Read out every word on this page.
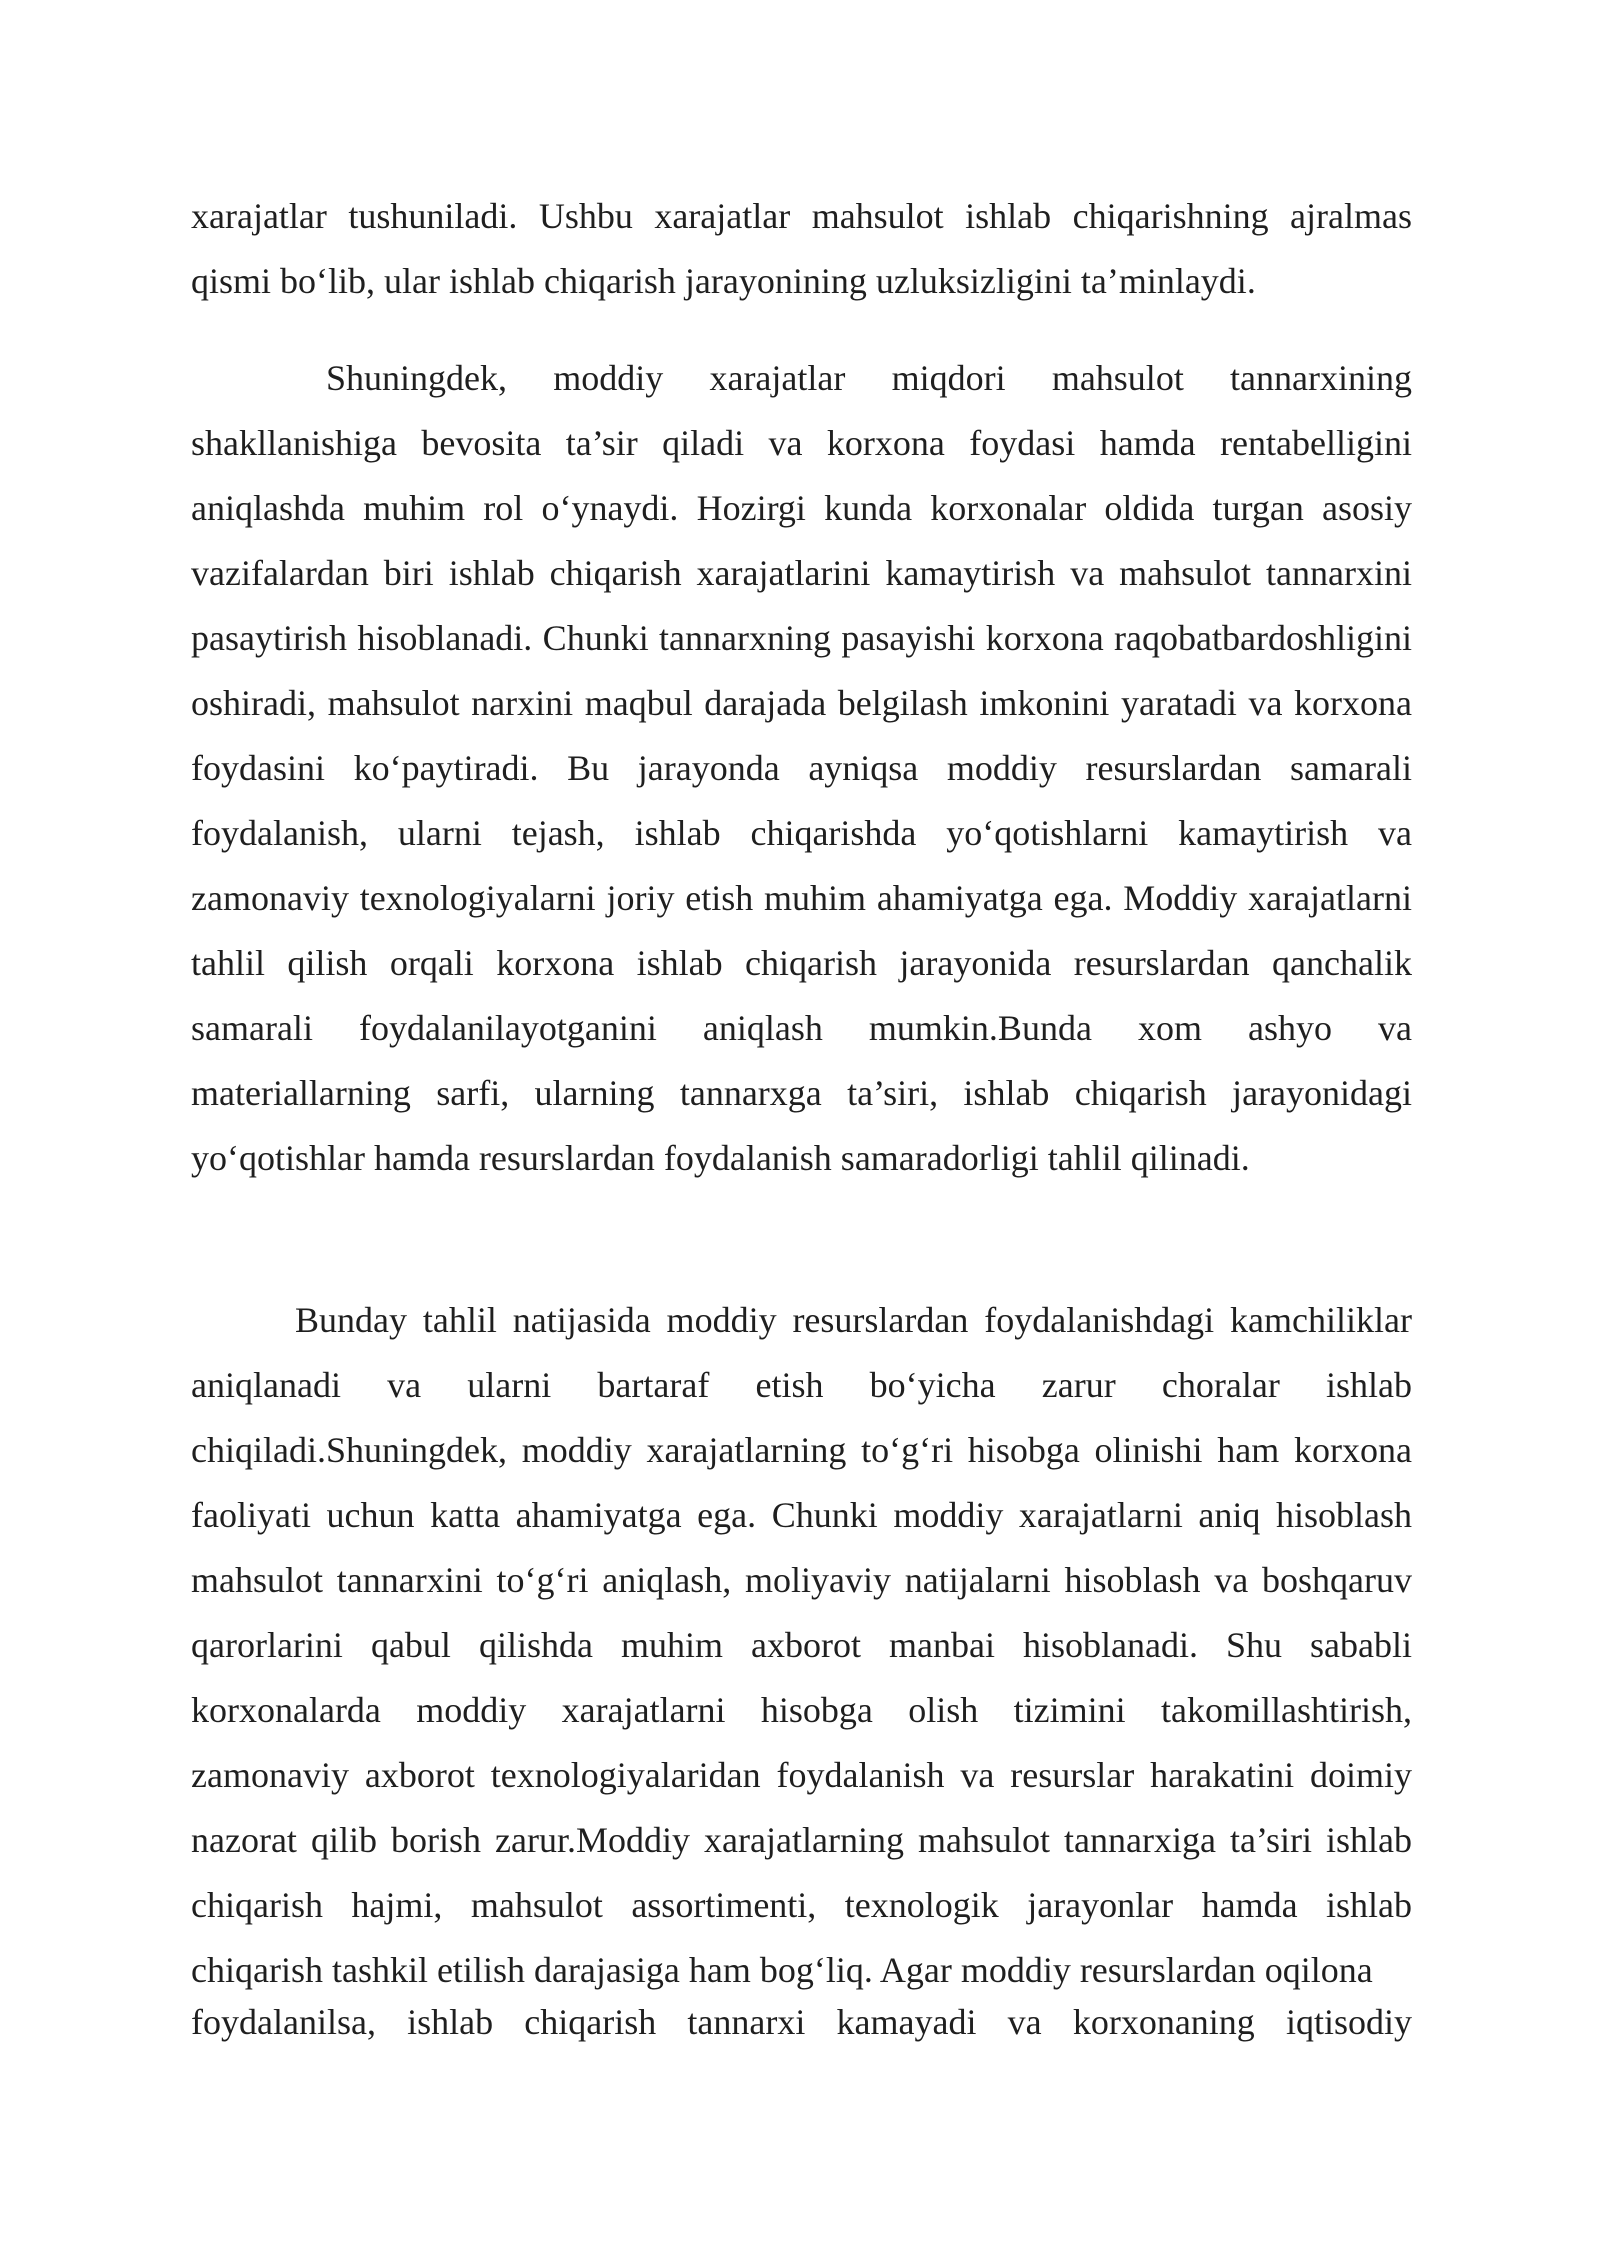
xarajatlar tushuniladi. Ushbu xarajatlar mahsulot ishlab chiqarishning ajralmas qismi bo‘lib, ular ishlab chiqarish jarayonining uzluksizligini ta’minlaydi.

Shuningdek, moddiy xarajatlar miqdori mahsulot tannarxining shakllanishiga bevosita ta’sir qiladi va korxona foydasi hamda rentabelligini aniqlashda muhim rol o‘ynaydi. Hozirgi kunda korxonalar oldida turgan asosiy vazifalardan biri ishlab chiqarish xarajatlarini kamaytirish va mahsulot tannarxini pasaytirish hisoblanadi. Chunki tannarxning pasayishi korxona raqobatbardoshligini oshiradi, mahsulot narxini maqbul darajada belgilash imkonini yaratadi va korxona foydasini ko‘paytiradi. Bu jarayonda ayniqsa moddiy resurslardan samarali foydalanish, ularni tejash, ishlab chiqarishda yo‘qotishlarni kamaytirish va zamonaviy texnologiyalarni joriy etish muhim ahamiyatga ega. Moddiy xarajatlarni tahlil qilish orqali korxona ishlab chiqarish jarayonida resurslardan qanchalik samarali foydalanilayotganini aniqlash mumkin.Bunda xom ashyo va materiallarning sarfi, ularning tannarxga ta’siri, ishlab chiqarish jarayonidagi yo‘qotishlar hamda resurslardan foydalanish samaradorligi tahlil qilinadi.

Bunday tahlil natijasida moddiy resurslardan foydalanishdagi kamchiliklar aniqlanadi va ularni bartaraf etish bo‘yicha zarur choralar ishlab chiqiladi.Shuningdek, moddiy xarajatlarning to‘g‘ri hisobga olinishi ham korxona faoliyati uchun katta ahamiyatga ega. Chunki moddiy xarajatlarni aniq hisoblash mahsulot tannarxini to‘g‘ri aniqlash, moliyaviy natijalarni hisoblash va boshqaruv qarorlarini qabul qilishda muhim axborot manbai hisoblanadi. Shu sababli korxonalarda moddiy xarajatlarni hisobga olish tizimini takomillashtirish, zamonaviy axborot texnologiyalaridan foydalanish va resurslar harakatini doimiy nazorat qilib borish zarur.Moddiy xarajatlarning mahsulot tannarxiga ta’siri ishlab chiqarish hajmi, mahsulot assortimenti, texnologik jarayonlar hamda ishlab chiqarish tashkil etilish darajasiga ham bog‘liq. Agar moddiy resurslardan oqilona

foydalanilsa, ishlab chiqarish tannarxi kamayadi va korxonaning iqtisodiy
